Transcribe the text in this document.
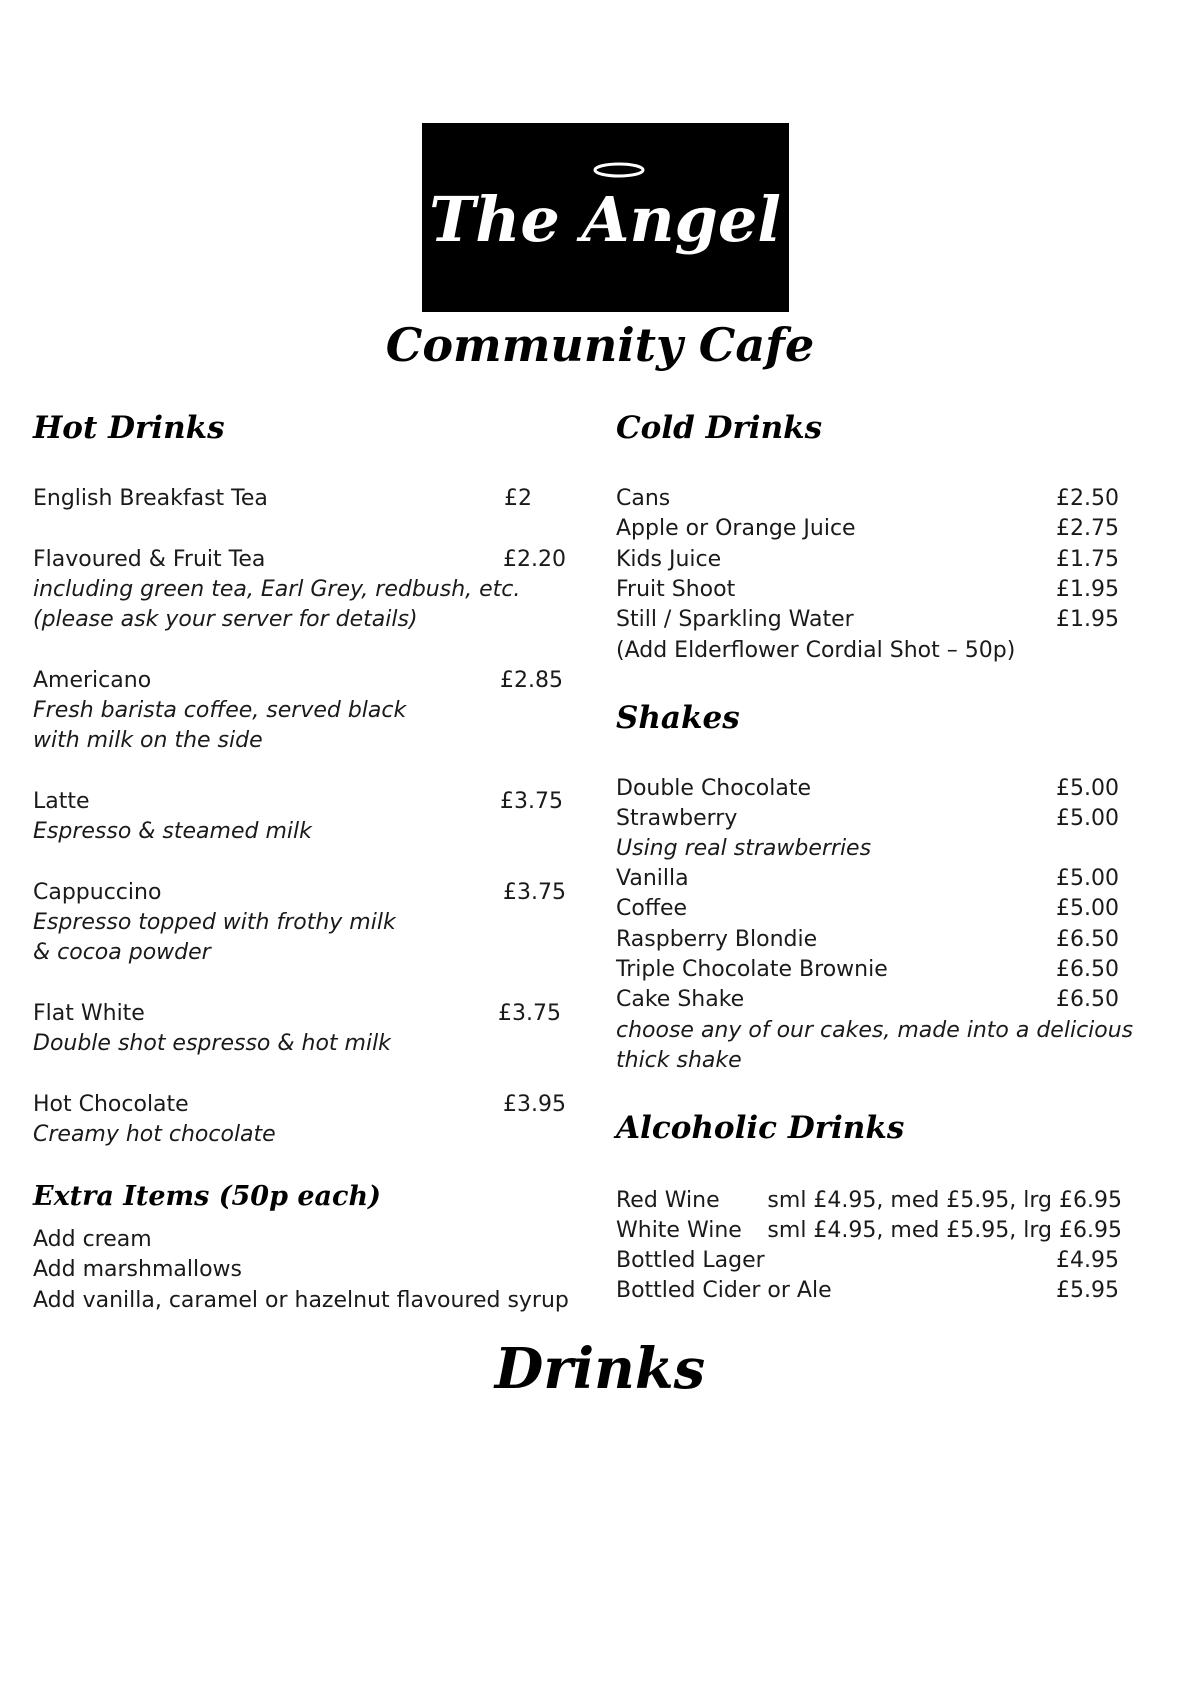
The Angel
Community Cafe
Hot Drinks
English Breakfast Tea	£2
Flavoured & Fruit Tea	£2.20
including green tea, Earl Grey, redbush, etc.
(please ask your server for details)
Americano	£2.85
Fresh barista coffee, served black
with milk on the side
Latte	£3.75
Espresso & steamed milk
Cappuccino	£3.75
Espresso topped with frothy milk
& cocoa powder
Flat White	£3.75
Double shot espresso & hot milk
Hot Chocolate	£3.95
Creamy hot chocolate
Extra Items (50p each)
Add cream
Add marshmallows
Add vanilla, caramel or hazelnut flavoured syrup
Cold Drinks
Cans	£2.50
Apple or Orange Juice	£2.75
Kids Juice	£1.75
Fruit Shoot	£1.95
Still / Sparkling Water	£1.95
(Add Elderflower Cordial Shot – 50p)
Shakes
Double Chocolate	£5.00
Strawberry	£5.00
Using real strawberries
Vanilla	£5.00
Coffee	£5.00
Raspberry Blondie	£6.50
Triple Chocolate Brownie	£6.50
Cake Shake	£6.50
choose any of our cakes, made into a delicious
thick shake
Alcoholic Drinks
Red Wine sml £4.95, med £5.95, lrg £6.95
White Wine sml £4.95, med £5.95, lrg £6.95
Bottled Lager	£4.95
Bottled Cider or Ale	£5.95
Drinks
